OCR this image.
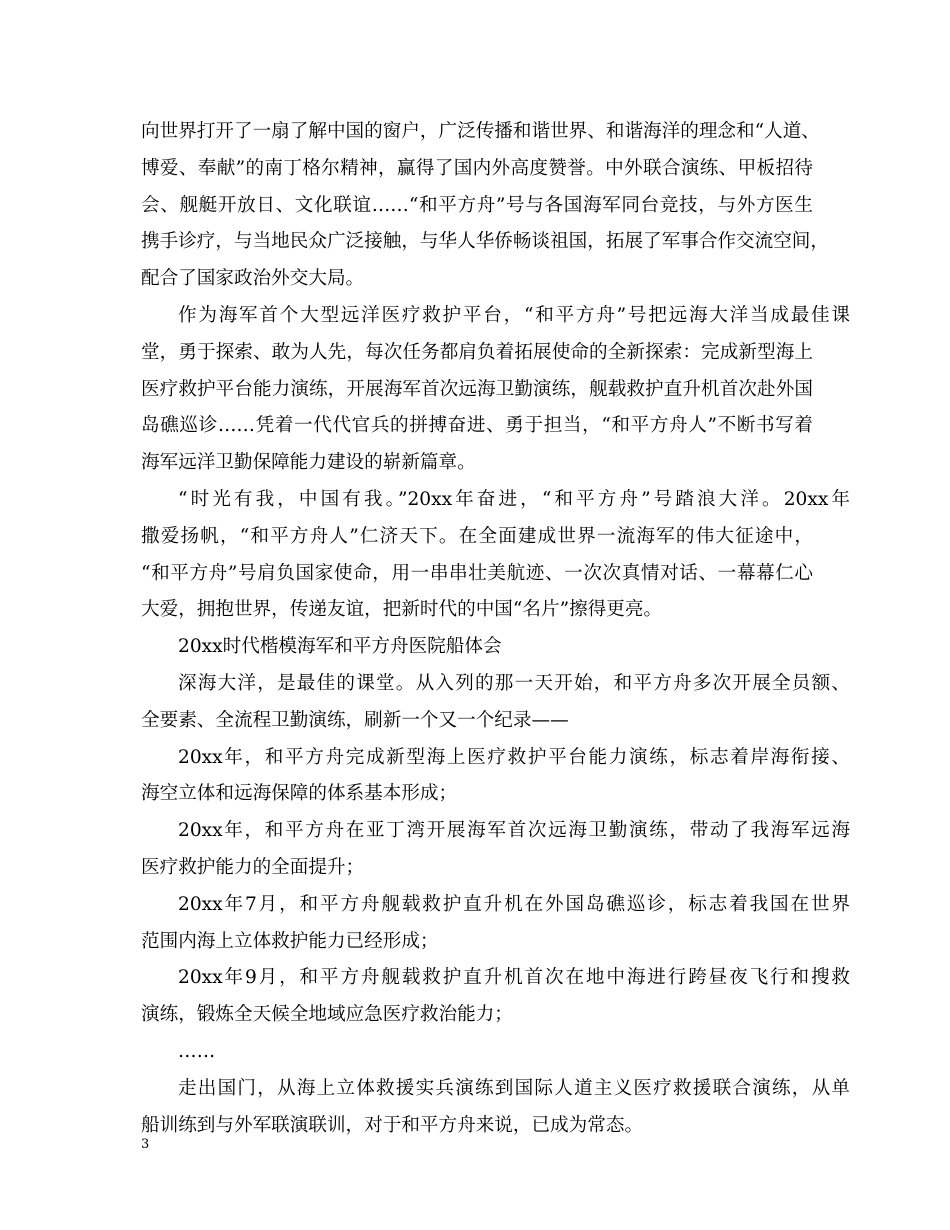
向世界打开了一扇了解中国的窗户，广泛传播和谐世界、和谐海洋的理念和“人道、
博爱、奉献”的南丁格尔精神，赢得了国内外高度赞誉。中外联合演练、甲板招待
会、舰艇开放日、文化联谊……“和平方舟”号与各国海军同台竞技，与外方医生
携手诊疗，与当地民众广泛接触，与华人华侨畅谈祖国，拓展了军事合作交流空间，
配合了国家政治外交大局。
作为海军首个大型远洋医疗救护平台，“和平方舟”号把远海大洋当成最佳课
堂，勇于探索、敢为人先，每次任务都肩负着拓展使命的全新探索：完成新型海上
医疗救护平台能力演练，开展海军首次远海卫勤演练，舰载救护直升机首次赴外国
岛礁巡诊……凭着一代代官兵的拼搏奋进、勇于担当，“和平方舟人”不断书写着
海军远洋卫勤保障能力建设的崭新篇章。
“时光有我，中国有我。”20xx年奋进，“和平方舟”号踏浪大洋。20xx年
撒爱扬帆，“和平方舟人”仁济天下。在全面建成世界一流海军的伟大征途中，
“和平方舟”号肩负国家使命，用一串串壮美航迹、一次次真情对话、一幕幕仁心
大爱，拥抱世界，传递友谊，把新时代的中国“名片”擦得更亮。
20xx时代楷模海军和平方舟医院船体会
深海大洋，是最佳的课堂。从入列的那一天开始，和平方舟多次开展全员额、
全要素、全流程卫勤演练，刷新一个又一个纪录——
20xx年，和平方舟完成新型海上医疗救护平台能力演练，标志着岸海衔接、
海空立体和远海保障的体系基本形成；
20xx年，和平方舟在亚丁湾开展海军首次远海卫勤演练，带动了我海军远海
医疗救护能力的全面提升；
20xx年7月，和平方舟舰载救护直升机在外国岛礁巡诊，标志着我国在世界
范围内海上立体救护能力已经形成；
20xx年9月，和平方舟舰载救护直升机首次在地中海进行跨昼夜飞行和搜救
演练，锻炼全天候全地域应急医疗救治能力；
……
走出国门，从海上立体救援实兵演练到国际人道主义医疗救援联合演练，从单
船训练到与外军联演联训，对于和平方舟来说，已成为常态。
3
